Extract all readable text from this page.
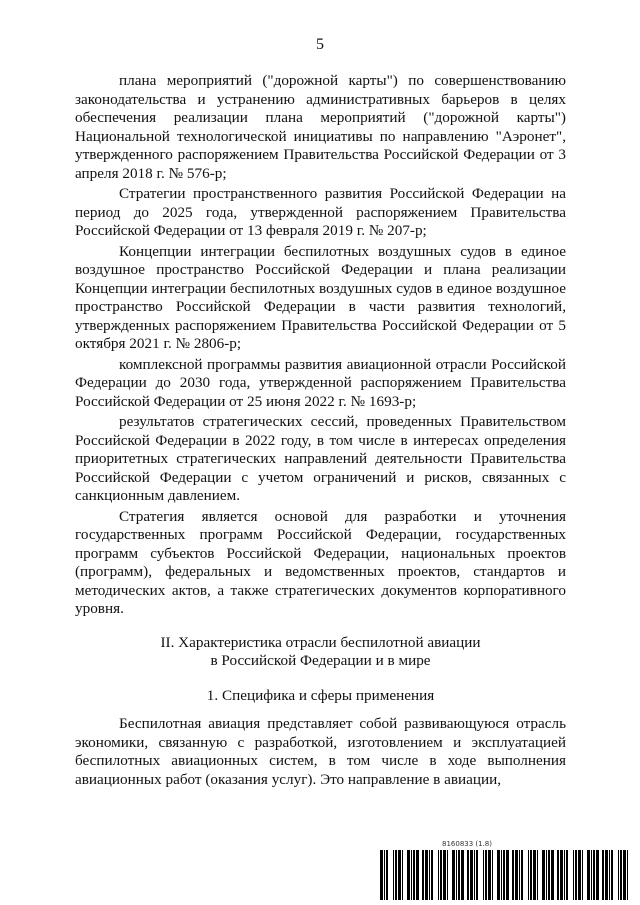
5

плана мероприятий ("дорожной карты") по совершенствованию законодательства и устранению административных барьеров в целях обеспечения реализации плана мероприятий ("дорожной карты") Национальной технологической инициативы по направлению "Аэронет", утвержденного распоряжением Правительства Российской Федерации от 3 апреля 2018 г. № 576-р;

Стратегии пространственного развития Российской Федерации на период до 2025 года, утвержденной распоряжением Правительства Российской Федерации от 13 февраля 2019 г. № 207-р;

Концепции интеграции беспилотных воздушных судов в единое воздушное пространство Российской Федерации и плана реализации Концепции интеграции беспилотных воздушных судов в единое воздушное пространство Российской Федерации в части развития технологий, утвержденных распоряжением Правительства Российской Федерации от 5 октября 2021 г. № 2806-р;

комплексной программы развития авиационной отрасли Российской Федерации до 2030 года, утвержденной распоряжением Правительства Российской Федерации от 25 июня 2022 г. № 1693-р;

результатов стратегических сессий, проведенных Правительством Российской Федерации в 2022 году, в том числе в интересах определения приоритетных стратегических направлений деятельности Правительства Российской Федерации с учетом ограничений и рисков, связанных с санкционным давлением.

Стратегия является основой для разработки и уточнения государственных программ Российской Федерации, государственных программ субъектов Российской Федерации, национальных проектов (программ), федеральных и ведомственных проектов, стандартов и методических актов, а также стратегических документов корпоративного уровня.

II. Характеристика отрасли беспилотной авиации
в Российской Федерации и в мире
1. Специфика и сферы применения

Беспилотная авиация представляет собой развивающуюся отрасль экономики, связанную с разработкой, изготовлением и эксплуатацией беспилотных авиационных систем, в том числе в ходе выполнения авиационных работ (оказания услуг). Это направление в авиации,

8160833 (1.8)
